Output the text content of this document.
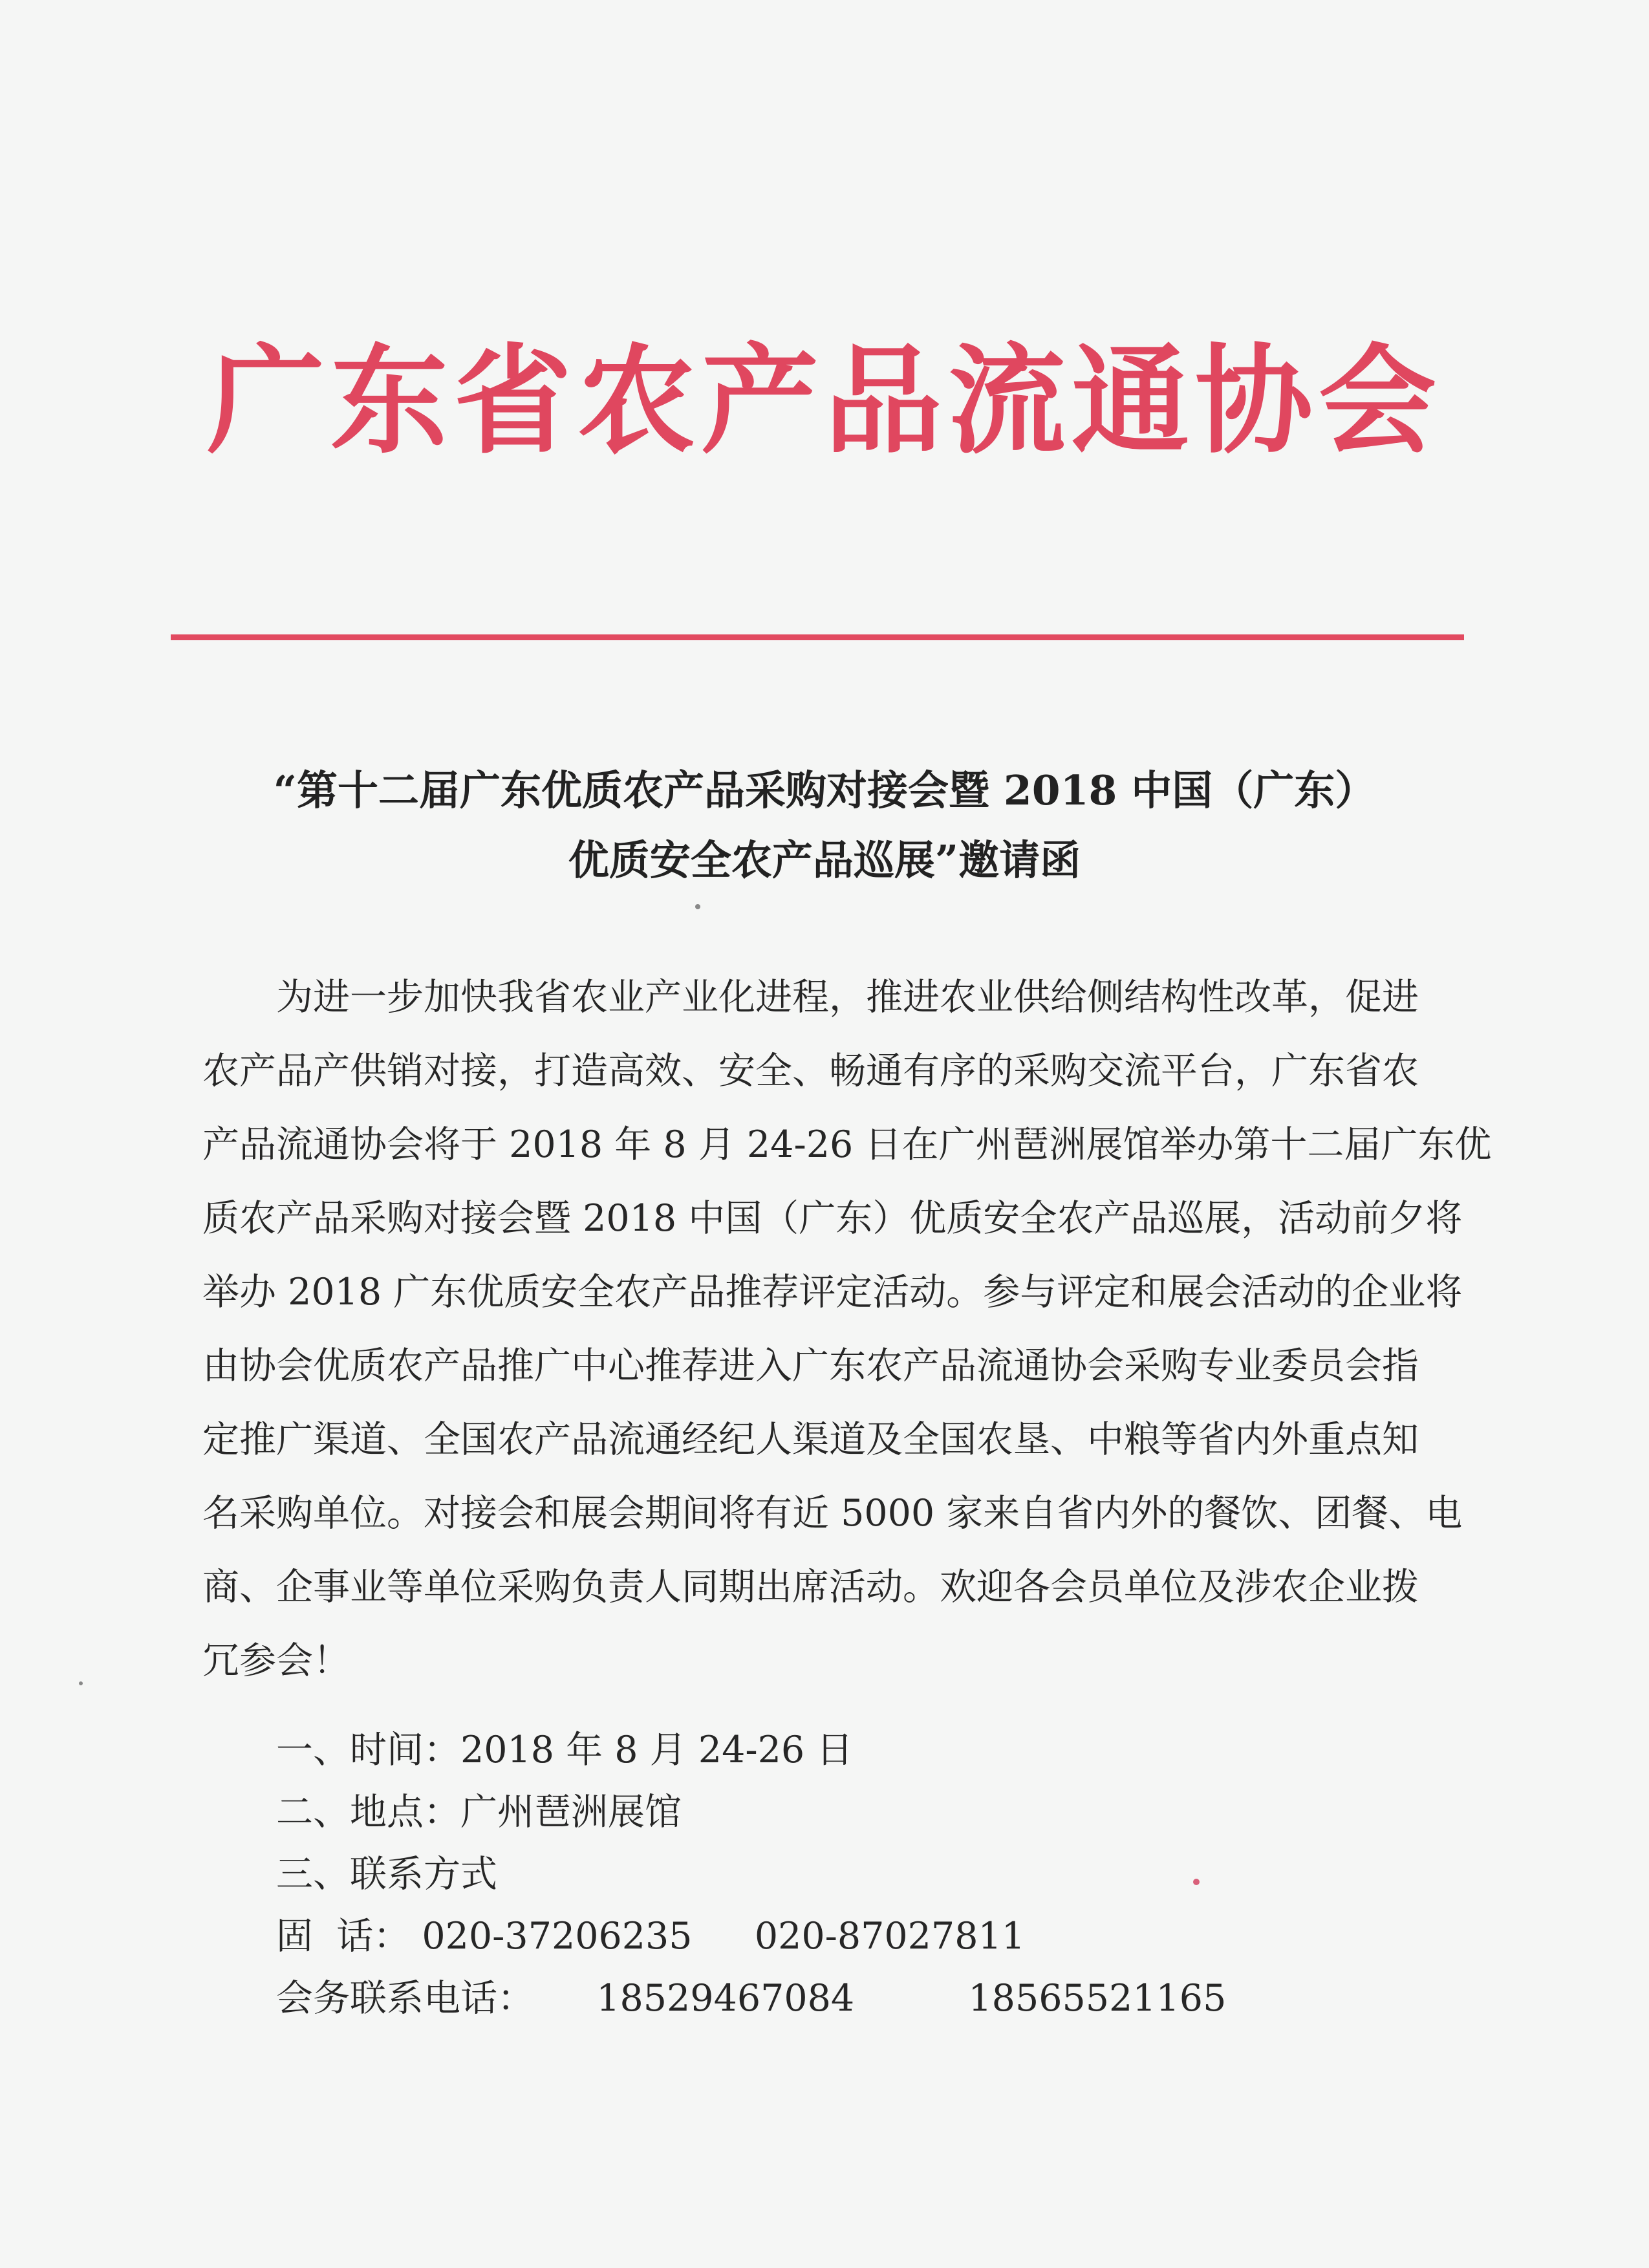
广东省农产品流通协会
“第十二届广东优质农产品采购对接会暨 2018 中国（广东）
优质安全农产品巡展”邀请函
为进一步加快我省农业产业化进程，推进农业供给侧结构性改革，促进
农产品产供销对接，打造高效、安全、畅通有序的采购交流平台，广东省农
产品流通协会将于 2018 年 8 月 24-26 日在广州琶洲展馆举办第十二届广东优
质农产品采购对接会暨 2018 中国（广东）优质安全农产品巡展，活动前夕将
举办 2018 广东优质安全农产品推荐评定活动。参与评定和展会活动的企业将
由协会优质农产品推广中心推荐进入广东农产品流通协会采购专业委员会指
定推广渠道、全国农产品流通经纪人渠道及全国农垦、中粮等省内外重点知
名采购单位。对接会和展会期间将有近 5000 家来自省内外的餐饮、团餐、电
商、企事业等单位采购负责人同期出席活动。欢迎各会员单位及涉农企业拨
冗参会！
一、时间：2018 年 8 月 24-26 日
二、地点：广州琶洲展馆
三、联系方式
固  话： 020-37206235 020-87027811
会务联系电话： 18529467084	18565521165
